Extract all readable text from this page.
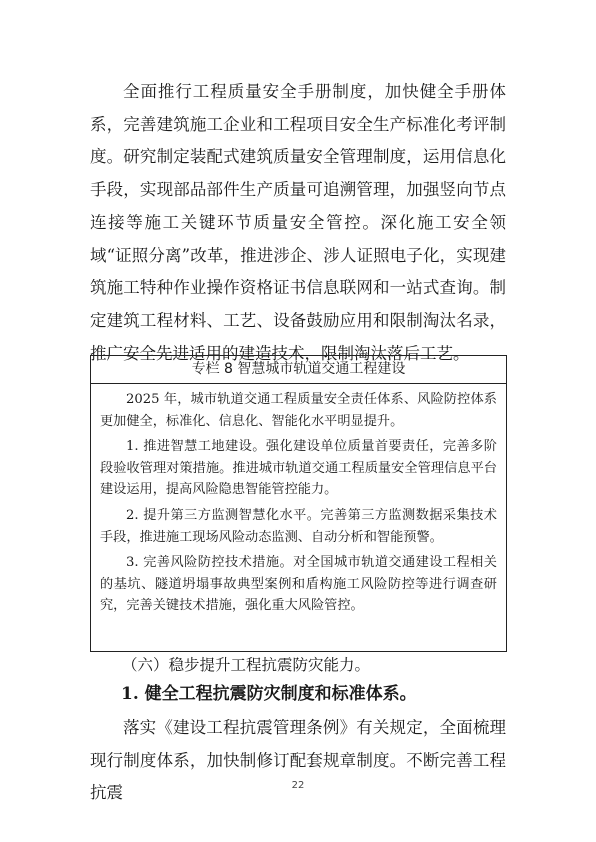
全面推行工程质量安全手册制度，加快健全手册体系，完善建筑施工企业和工程项目安全生产标准化考评制度。研究制定装配式建筑质量安全管理制度，运用信息化手段，实现部品部件生产质量可追溯管理，加强竖向节点连接等施工关键环节质量安全管控。深化施工安全领域“证照分离”改革，推进涉企、涉人证照电子化，实现建筑施工特种作业操作资格证书信息联网和一站式查询。制定建筑工程材料、工艺、设备鼓励应用和限制淘汰名录，推广安全先进适用的建造技术，限制淘汰落后工艺。

专栏 8 智慧城市轨道交通工程建设

2025 年，城市轨道交通工程质量安全责任体系、风险防控体系更加健全，标准化、信息化、智能化水平明显提升。

1. 推进智慧工地建设。强化建设单位质量首要责任，完善多阶段验收管理对策措施。推进城市轨道交通工程质量安全管理信息平台建设运用，提高风险隐患智能管控能力。

2. 提升第三方监测智慧化水平。完善第三方监测数据采集技术手段，推进施工现场风险动态监测、自动分析和智能预警。

3. 完善风险防控技术措施。对全国城市轨道交通建设工程相关的基坑、隧道坍塌事故典型案例和盾构施工风险防控等进行调查研究，完善关键技术措施，强化重大风险管控。

（六）稳步提升工程抗震防灾能力。
1. 健全工程抗震防灾制度和标准体系。

落实《建设工程抗震管理条例》有关规定，全面梳理现行制度体系，加快制修订配套规章制度。不断完善工程抗震	22
